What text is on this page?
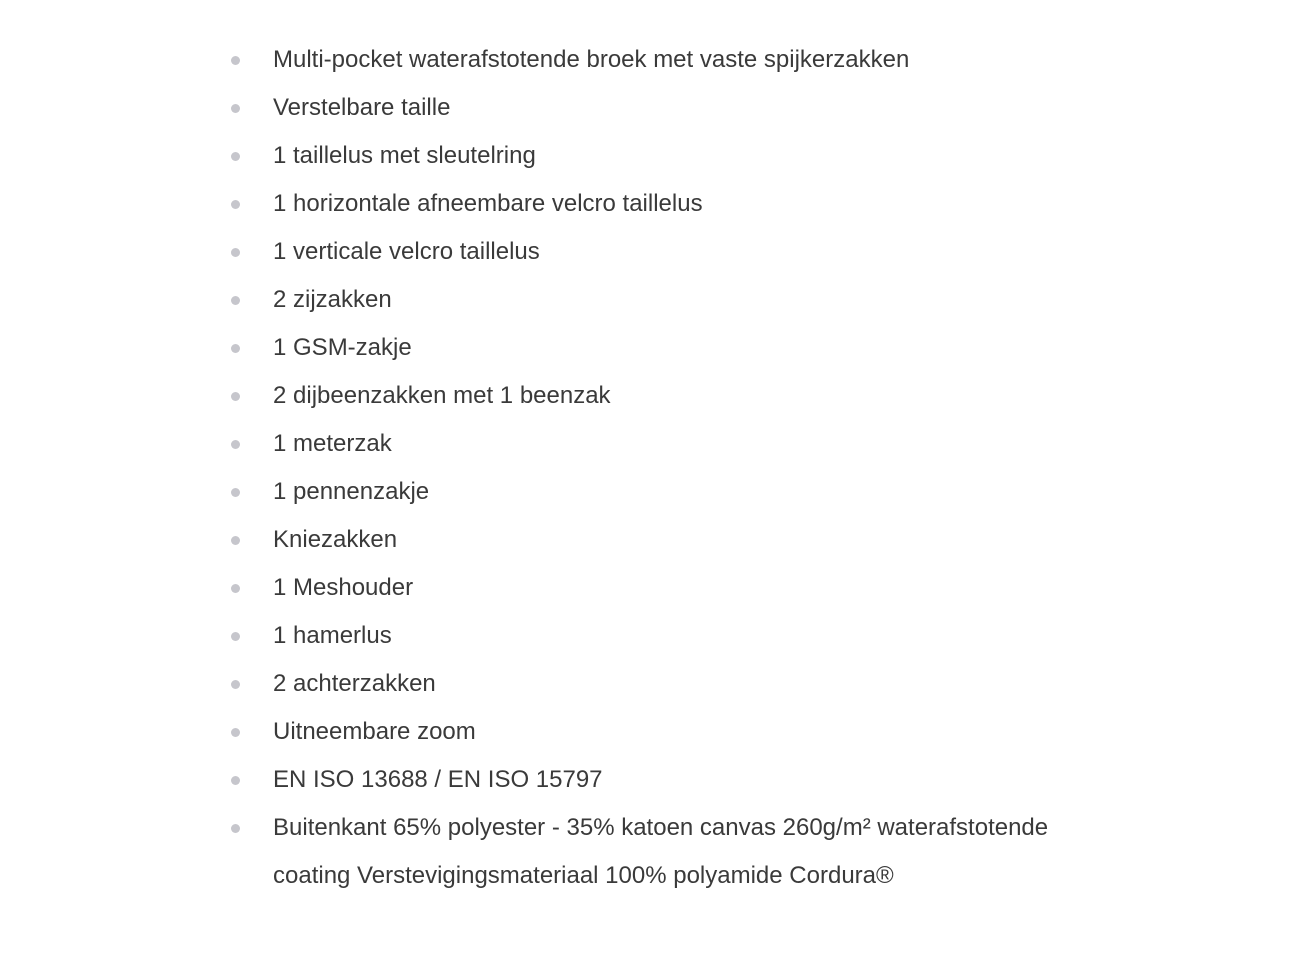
Multi-pocket waterafstotende broek met vaste spijkerzakken
Verstelbare taille
1 taillelus met sleutelring
1 horizontale afneembare velcro taillelus
1 verticale velcro taillelus
2 zijzakken
1 GSM-zakje
2 dijbeenzakken met 1 beenzak
1 meterzak
1 pennenzakje
Kniezakken
1 Meshouder
1 hamerlus
2 achterzakken
Uitneembare zoom
EN ISO 13688 / EN ISO 15797
Buitenkant 65% polyester - 35% katoen canvas 260g/m² waterafstotende coating Verstevigingsmateriaal 100% polyamide Cordura®
